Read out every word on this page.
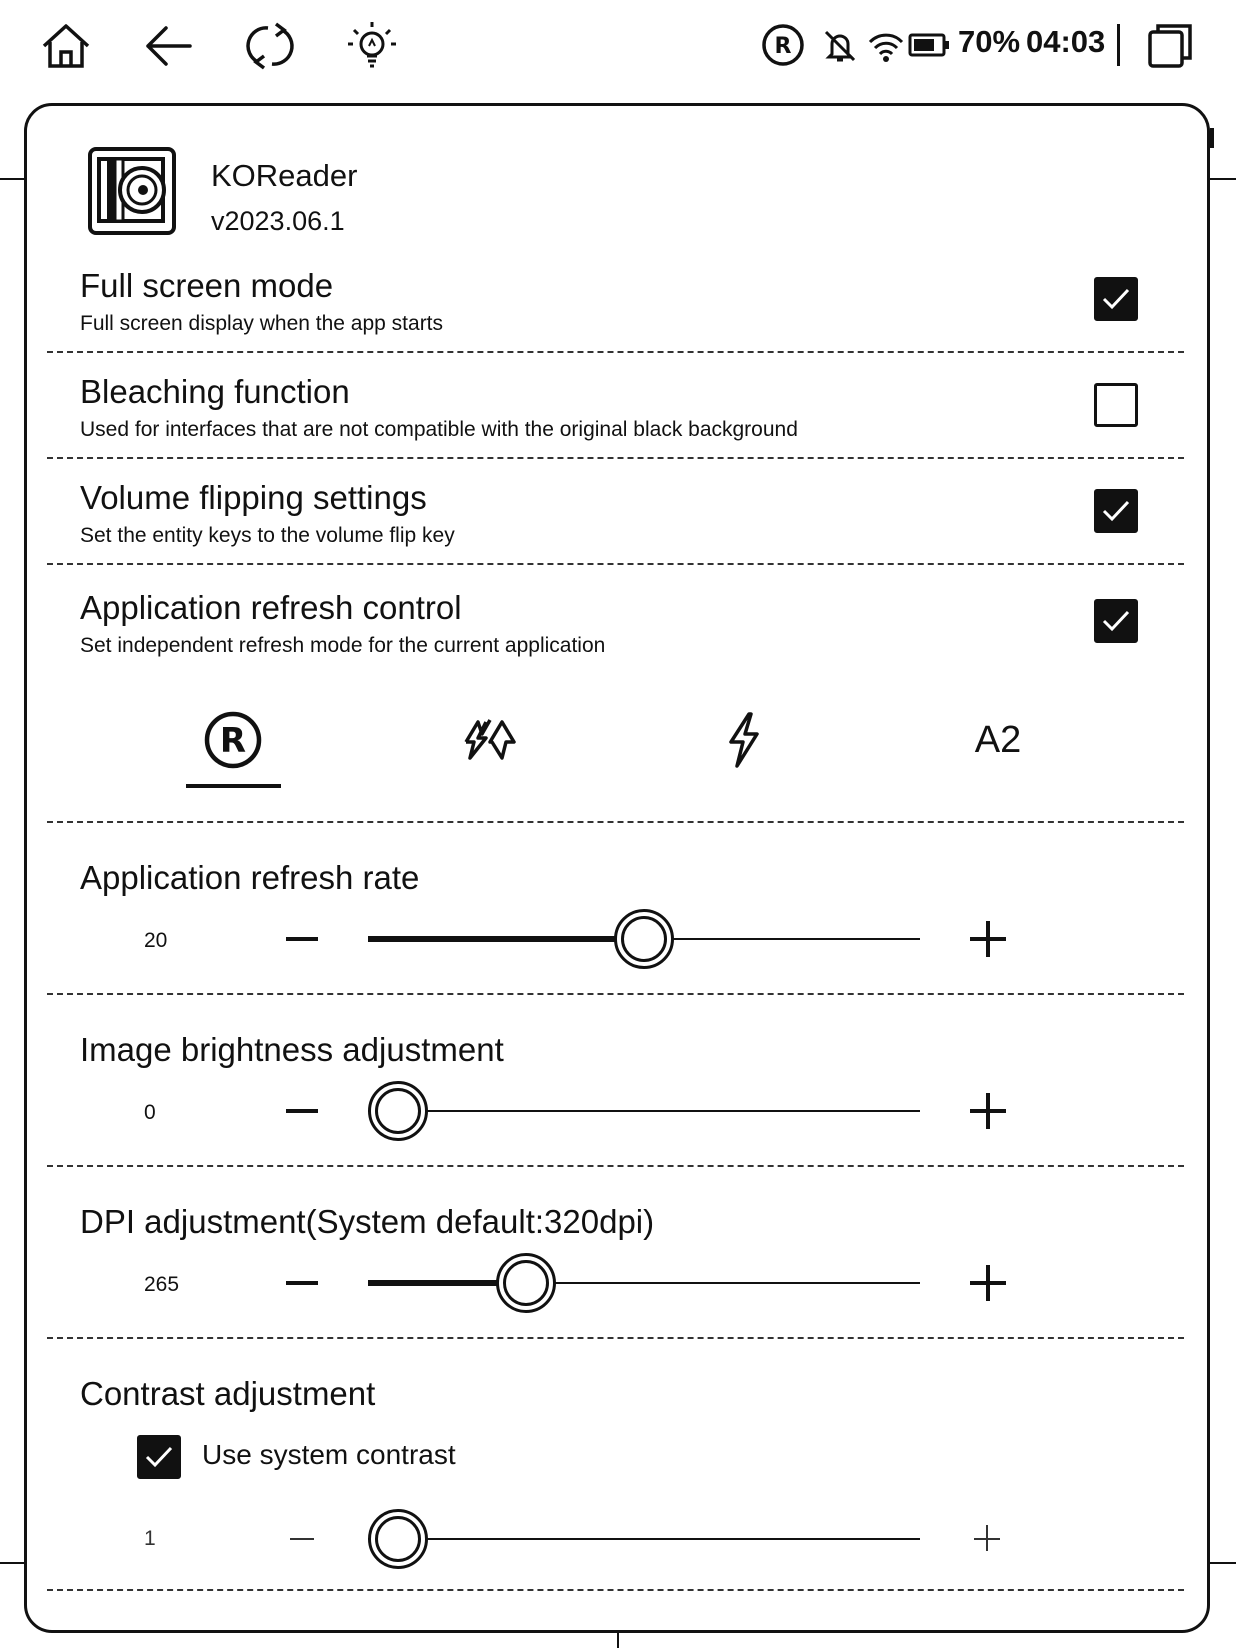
R	70% 04:03
KOReader
v2023.06.1
Full screen mode
Full screen display when the app starts
Bleaching function
Used for interfaces that are not compatible with the original black background
Volume flipping settings
Set the entity keys to the volume flip key
Application refresh control
Set independent refresh mode for the current application
R	A2
Application refresh rate
20
Image brightness adjustment
0
DPI adjustment(System default:320dpi)
265
Contrast adjustment
Use system contrast
1
